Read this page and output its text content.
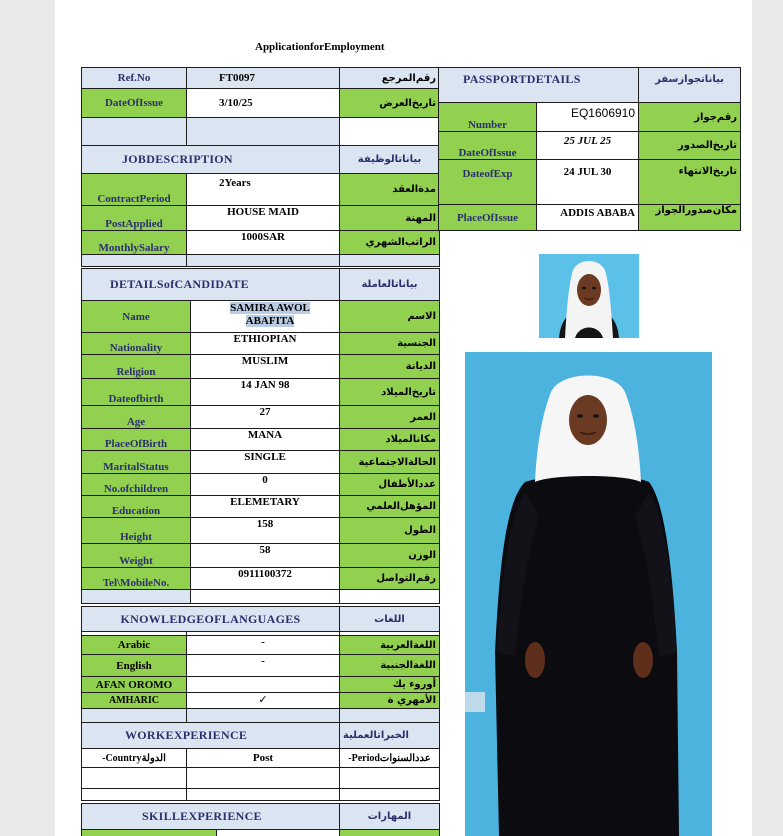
ApplicationforEmployment
Ref.No	FT0097	رقم‌المرجع
DateOfIssue	3/10/25	تاريخ‌العرض

JOBDESCRIPTION		بياناتالوظيفة
ContractPeriod	2Years	مدةالعقد
PostApplied	HOUSE MAID	المهنة
MonthlySalary	1000SAR	الراتب‌الشهري

DETAILSofCANDIDATE		بياناتالعاملة
Name	SAMIRA AWOL ABAFITA	الاسم
Nationality	ETHIOPIAN	الجنسية
Religion	MUSLIM	الديانة
Dateofbirth	14 JAN 98	تاريخ‌الميلاد
Age	27	العمر
PlaceOfBirth	MANA	مكانالميلاد
MaritalStatus	SINGLE	الحالةالاجتماعية
No.ofchildren	0	عددالأطفال
Education	ELEMETARY	المؤهل‌العلمي
Height	158	الطول
Weight	58	الوزن
Tel\MobileNo.	0911100372	رقم‌التواصل

KNOWLEDGEOFLANGUAGES		اللغات

Arabic	-	اللغةالعربية
English	-	اللغةالجنبية
AFAN OROMO		أوروء يك
AMHARIC	✓	الأمهري ة

WORKEXPERIENCE		الخبراتالعملية
-Countryالدولة	Post	-Periodعددالسنوات

SKILLEXPERIENCE		المهارات

PASSPORTDETAILS		بياناتجوازسفر
Number	EQ1606910	رقم‌جواز
DateOfIssue	25 JUL 25	تاريخ‌الصدور
DateofExp	24 JUL 30	تاريخ‌الانتهاء
PlaceOfIssue	ADDIS ABABA	مكان‌صدورالجواز
